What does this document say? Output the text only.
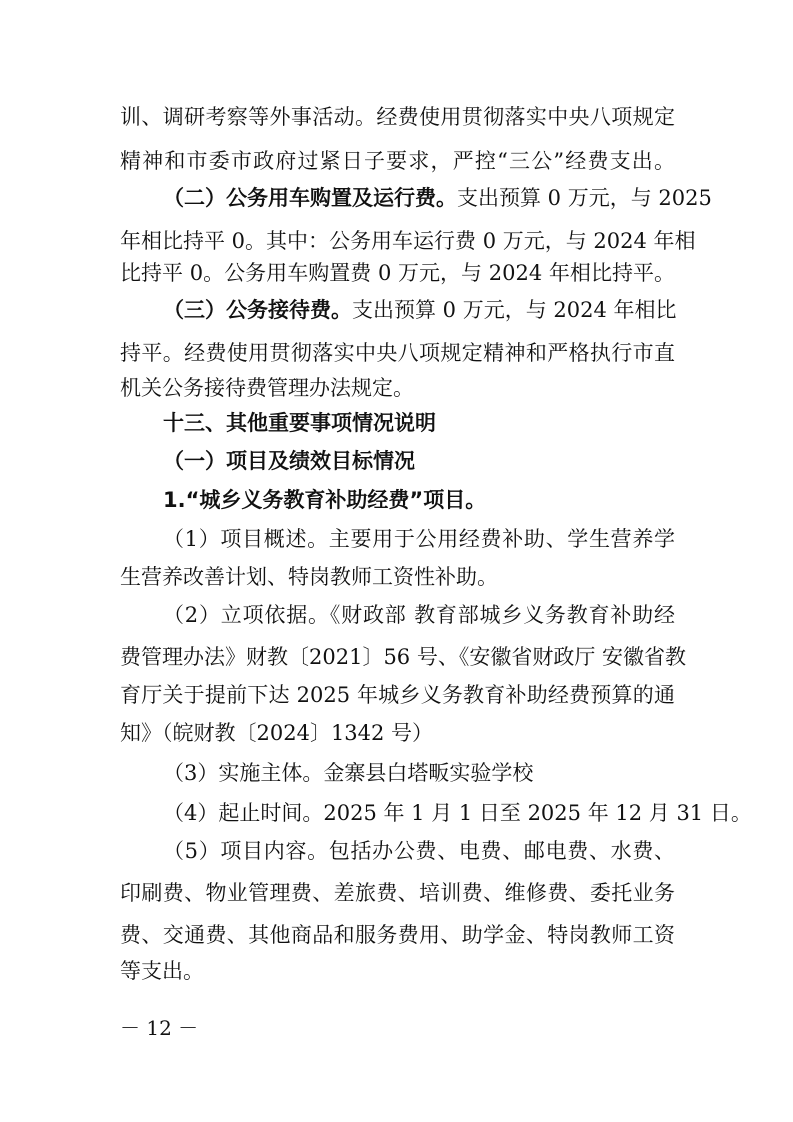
训、调研考察等外事活动。经费使用贯彻落实中央八项规定
精神和市委市政府过紧日子要求，严控“三公”经费支出。
（二）公务用车购置及运行费。支出预算 0 万元，与 2025
年相比持平 0。其中：公务用车运行费 0 万元，与 2024 年相
比持平 0。公务用车购置费 0 万元，与 2024 年相比持平。
（三）公务接待费。支出预算 0 万元，与 2024 年相比
持平。经费使用贯彻落实中央八项规定精神和严格执行市直
机关公务接待费管理办法规定。
十三、其他重要事项情况说明
（一）项目及绩效目标情况
1.“城乡义务教育补助经费”项目。
（1）项目概述。主要用于公用经费补助、学生营养学
生营养改善计划、特岗教师工资性补助。
（2）立项依据。《财政部 教育部城乡义务教育补助经
费管理办法》财教〔2021〕56 号、《安徽省财政厅 安徽省教
育厅关于提前下达 2025 年城乡义务教育补助经费预算的通
知》（皖财教〔2024〕1342 号）
（3）实施主体。金寨县白塔畈实验学校
（4）起止时间。2025 年 1 月 1 日至 2025 年 12 月 31 日。
（5）项目内容。包括办公费、电费、邮电费、水费、
印刷费、物业管理费、差旅费、培训费、维修费、委托业务
费、交通费、其他商品和服务费用、助学金、特岗教师工资
等支出。
－ 12 －
